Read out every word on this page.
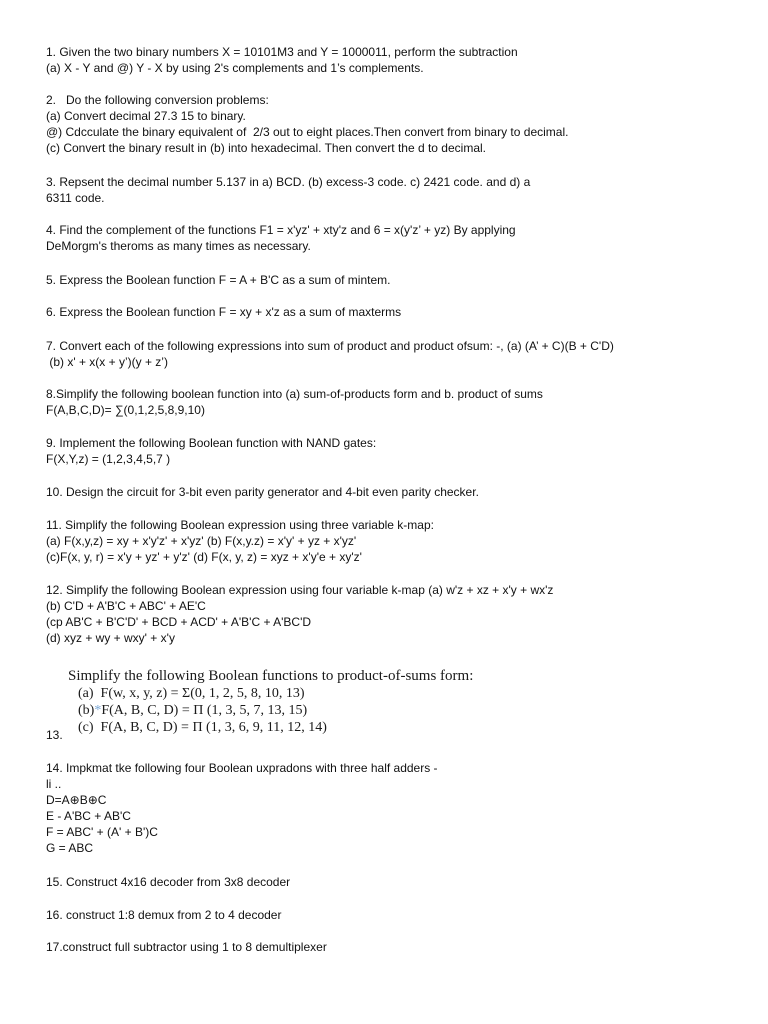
1. Given the two binary numbers X = 10101M3 and Y = 1000011, perform the subtraction
(a) X - Y and @) Y - X by using 2's complements and 1’s complements.
2.   Do the following conversion problems:
(a) Convert decimal 27.3 15 to binary.
@) Cdcculate the binary equivalent of  2/3 out to eight places.Then convert from binary to decimal.
(c) Convert the binary result in (b) into hexadecimal. Then convert the d to decimal.
3. Repsent the decimal number 5.137 in a) BCD. (b) excess-3 code. c) 2421 code. and d) a
6311 code.
4. Find the complement of the functions F1 = x'yz' + xty'z and 6 = x(y'z’ + yz) By applying
DeMorgm's theroms as many times as necessary.
5. Express the Boolean function F = A + B'C as a sum of mintem.
6. Express the Boolean function F = xy + x'z as a sum of maxterms
7. Convert each of the following expressions into sum of product and product ofsum: -, (a) (A’ + C)(B + C'D)
(b) x' + x(x + y’)(y + z’)
8.Simplify the following boolean function into (a) sum-of-products form and b. product of sums
F(A,B,C,D)= ∑(0,1,2,5,8,9,10)
9. Implement the following Boolean function with NAND gates:
F(X,Y,z) = (1,2,3,4,5,7 )
10. Design the circuit for 3-bit even parity generator and 4-bit even parity checker.
11. Simplify the following Boolean expression using three variable k-map:
(a) F(x,y,z) = xy + x'y'z' + x'yz' (b) F(x,y.z) = x'y' + yz + x'yz'
(c)F(x, y, r) = x'y + yz' + y'z' (d) F(x, y, z) = xyz + x'y'e + xy'z'
12. Simplify the following Boolean expression using four variable k-map (a) w'z + xz + x'y + wx'z
(b) C'D + A'B'C + ABC' + AE'C
(cp AB'C + B'C'D' + BCD + ACD' + A'B'C + A'BC'D
(d) xyz + wy + wxy' + x'y
Simplify the following Boolean functions to product-of-sums form:
(a)  F(w, x, y, z) = Σ(0, 1, 2, 5, 8, 10, 13)
(b)*F(A, B, C, D) = Π (1, 3, 5, 7, 13, 15)
(c)  F(A, B, C, D) = Π (1, 3, 6, 9, 11, 12, 14)
13.
14. Impkmat tke following four Boolean uxpradons with three half adders -
li ..
D=A⊕B⊕C
E - A'BC + AB'C
F = ABC' + (A' + B')C
G = ABC
15. Construct 4x16 decoder from 3x8 decoder
16. construct 1:8 demux from 2 to 4 decoder
17.construct full subtractor using 1 to 8 demultiplexer
